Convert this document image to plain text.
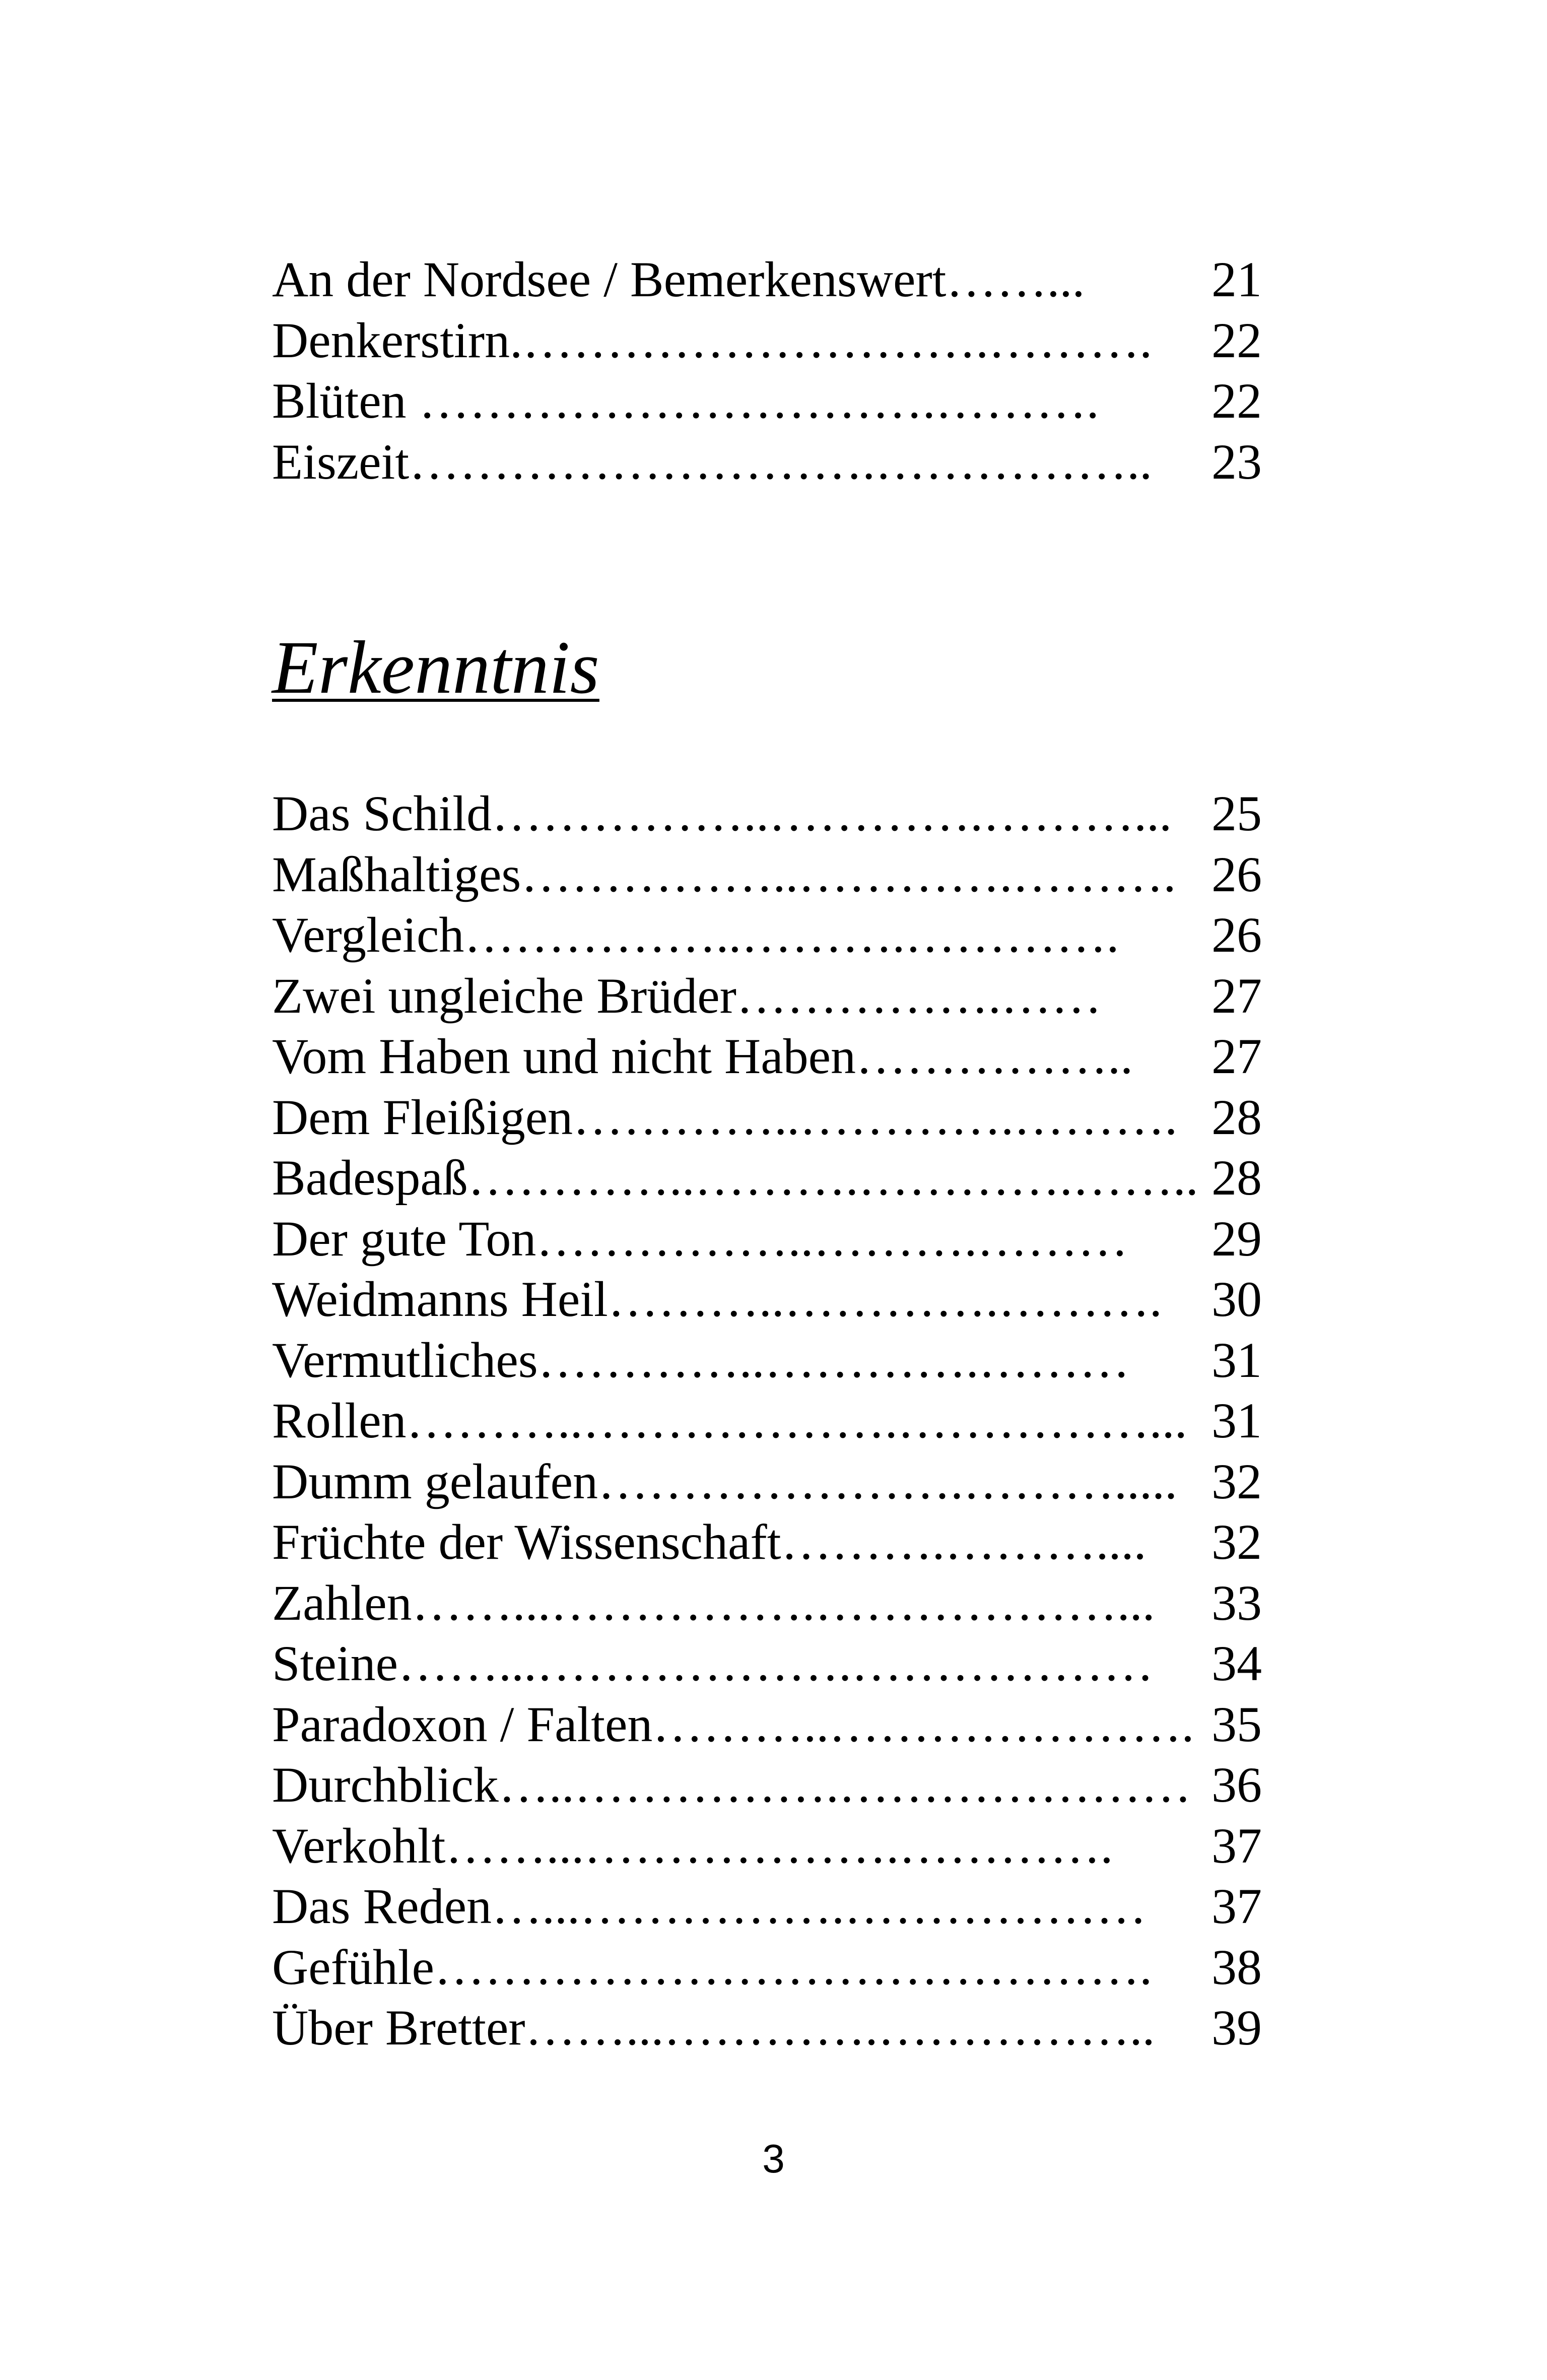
An der Nordsee / Bemerkenswert……...	21
Denkerstirn.……………………….………. 22
Blüten ………………………….………. 22
Eiszeit……………………….…………….. 23
Erkenntnis
Das Schild……………..………….………... 25
Maßhaltiges……………..………….………. 26
Vergleich……………..……….…………. 26
Zwei ungleiche Brüder…………….…… 27
Vom Haben und nicht Haben…………….. 27
Dem Fleißigen…………..………….………. 28
Badespaß…………..……….………….…….. 28
Der gute Ton……………..……….……… 29
Weidmanns Heil………..………….………. 30
Vermutliches…………..………….……… 31
Rollen………..……………….……………... 31
Dumm gelaufen………………….………..... 32
Früchte der Wissenschaft……….……….... 32
Zahlen……...…………….………………... 33
Steine……...……………….……………… 34
Paradoxon / Falten………..…………………. 35
Durchblick…..…………….………………… 36
Verkohlt……...……………….…………. 37
Das Reden…...…………….……………… 37
Gefühle……………………………………. 38
Über Bretter……...………….…………….. 39
3
